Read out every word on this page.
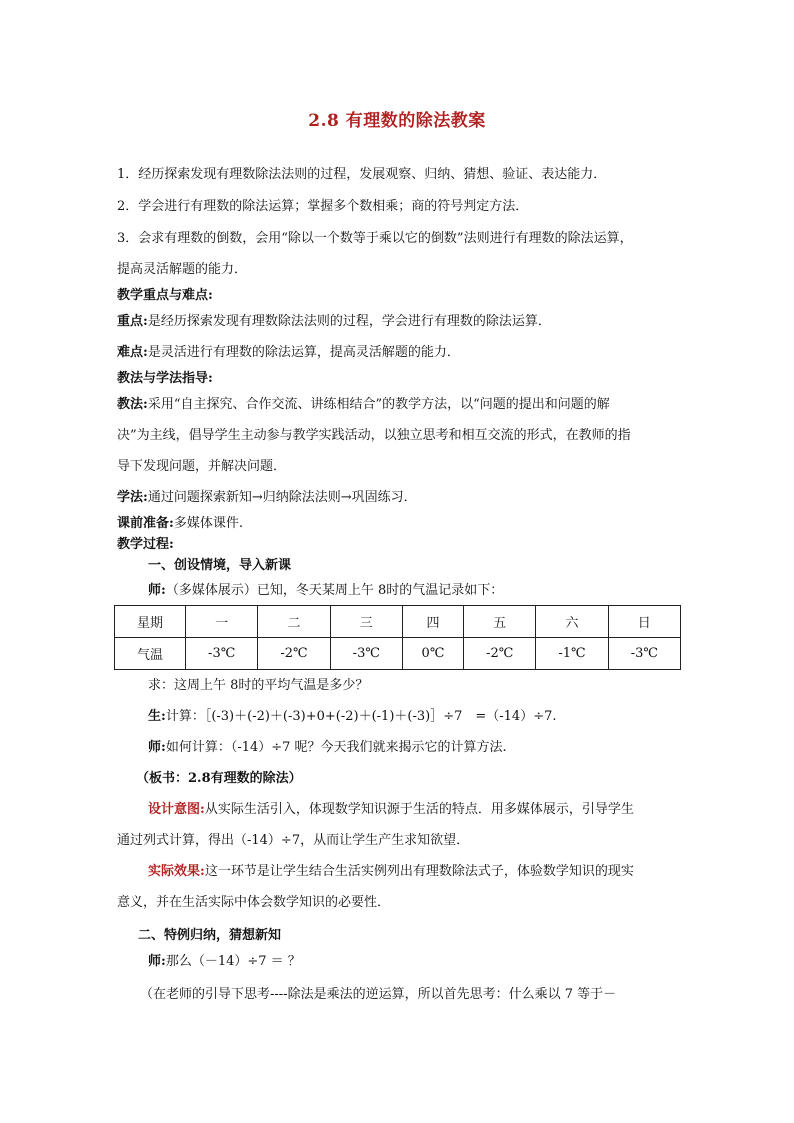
2.8 有理数的除法教案
1．经历探索发现有理数除法法则的过程，发展观察、归纳、猜想、验证、表达能力．
2．学会进行有理数的除法运算；掌握多个数相乘；商的符号判定方法．
3．会求有理数的倒数，会用“除以一个数等于乘以它的倒数”法则进行有理数的除法运算，
提高灵活解题的能力．
教学重点与难点:
重点:是经历探索发现有理数除法法则的过程，学会进行有理数的除法运算．
难点:是灵活进行有理数的除法运算，提高灵活解题的能力．
教法与学法指导:
教法:采用“自主探究、合作交流、讲练相结合”的教学方法，以“问题的提出和问题的解
决”为主线，倡导学生主动参与教学实践活动，以独立思考和相互交流的形式，在教师的指
导下发现问题，并解决问题．
学法:通过问题探索新知→归纳除法法则→巩固练习．
课前准备:多媒体课件.
教学过程:
一、创设情境，导入新课
师:（多媒体展示）已知，冬天某周上午 8时的气温记录如下：
星期	一	二	三	四	五	六	日
气温	-3℃	-2℃	-3℃	0℃	-2℃	-1℃	-3℃
求：这周上午 8时的平均气温是多少？
生:计算：［(-3)＋(-2)＋(-3)+0+(-2)＋(-1)＋(-3)］÷7　=（-14）÷7.
师:如何计算：（-14）÷7 呢？今天我们就来揭示它的计算方法.
（板书：2.8有理数的除法）
设计意图:从实际生活引入，体现数学知识源于生活的特点．用多媒体展示，引导学生
通过列式计算，得出（-14）÷7，从而让学生产生求知欲望．
实际效果:这一环节是让学生结合生活实例列出有理数除法式子，体验数学知识的现实
意义，并在生活实际中体会数学知识的必要性．
二、特例归纳，猜想新知
师:那么（－14）÷7 ＝ ？
（在老师的引导下思考----除法是乘法的逆运算，所以首先思考：什么乘以 7 等于－
